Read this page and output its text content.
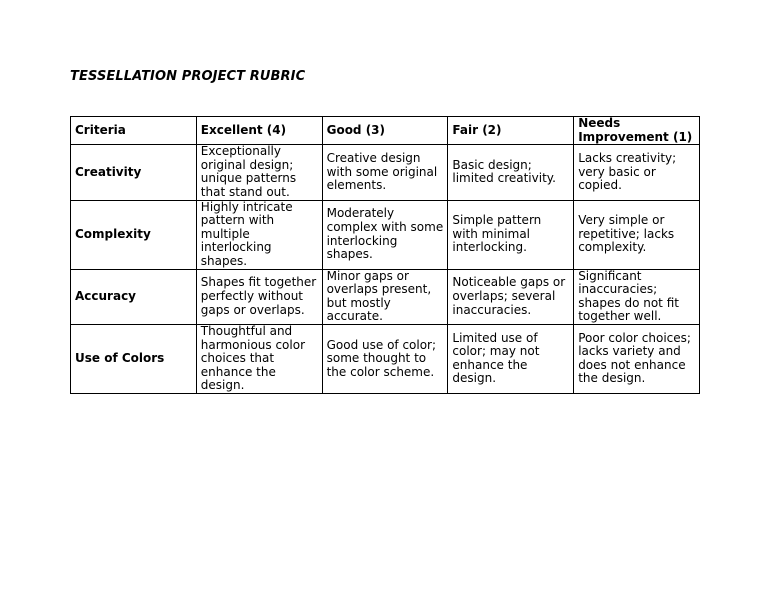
TESSELLATION PROJECT RUBRIC
Criteria	Excellent (4)	Good (3)	Fair (2)	Needs Improvement (1)
Creativity	Exceptionally original design; unique patterns that stand out.	Creative design with some original elements.	Basic design; limited creativity.	Lacks creativity; very basic or copied.
Complexity	Highly intricate pattern with multiple interlocking shapes.	Moderately complex with some interlocking shapes.	Simple pattern with minimal interlocking.	Very simple or repetitive; lacks complexity.
Accuracy	Shapes fit together perfectly without gaps or overlaps.	Minor gaps or overlaps present, but mostly accurate.	Noticeable gaps or overlaps; several inaccuracies.	Significant inaccuracies; shapes do not fit together well.
Use of Colors	Thoughtful and harmonious color choices that enhance the design.	Good use of color; some thought to the color scheme.	Limited use of color; may not enhance the design.	Poor color choices; lacks variety and does not enhance the design.
